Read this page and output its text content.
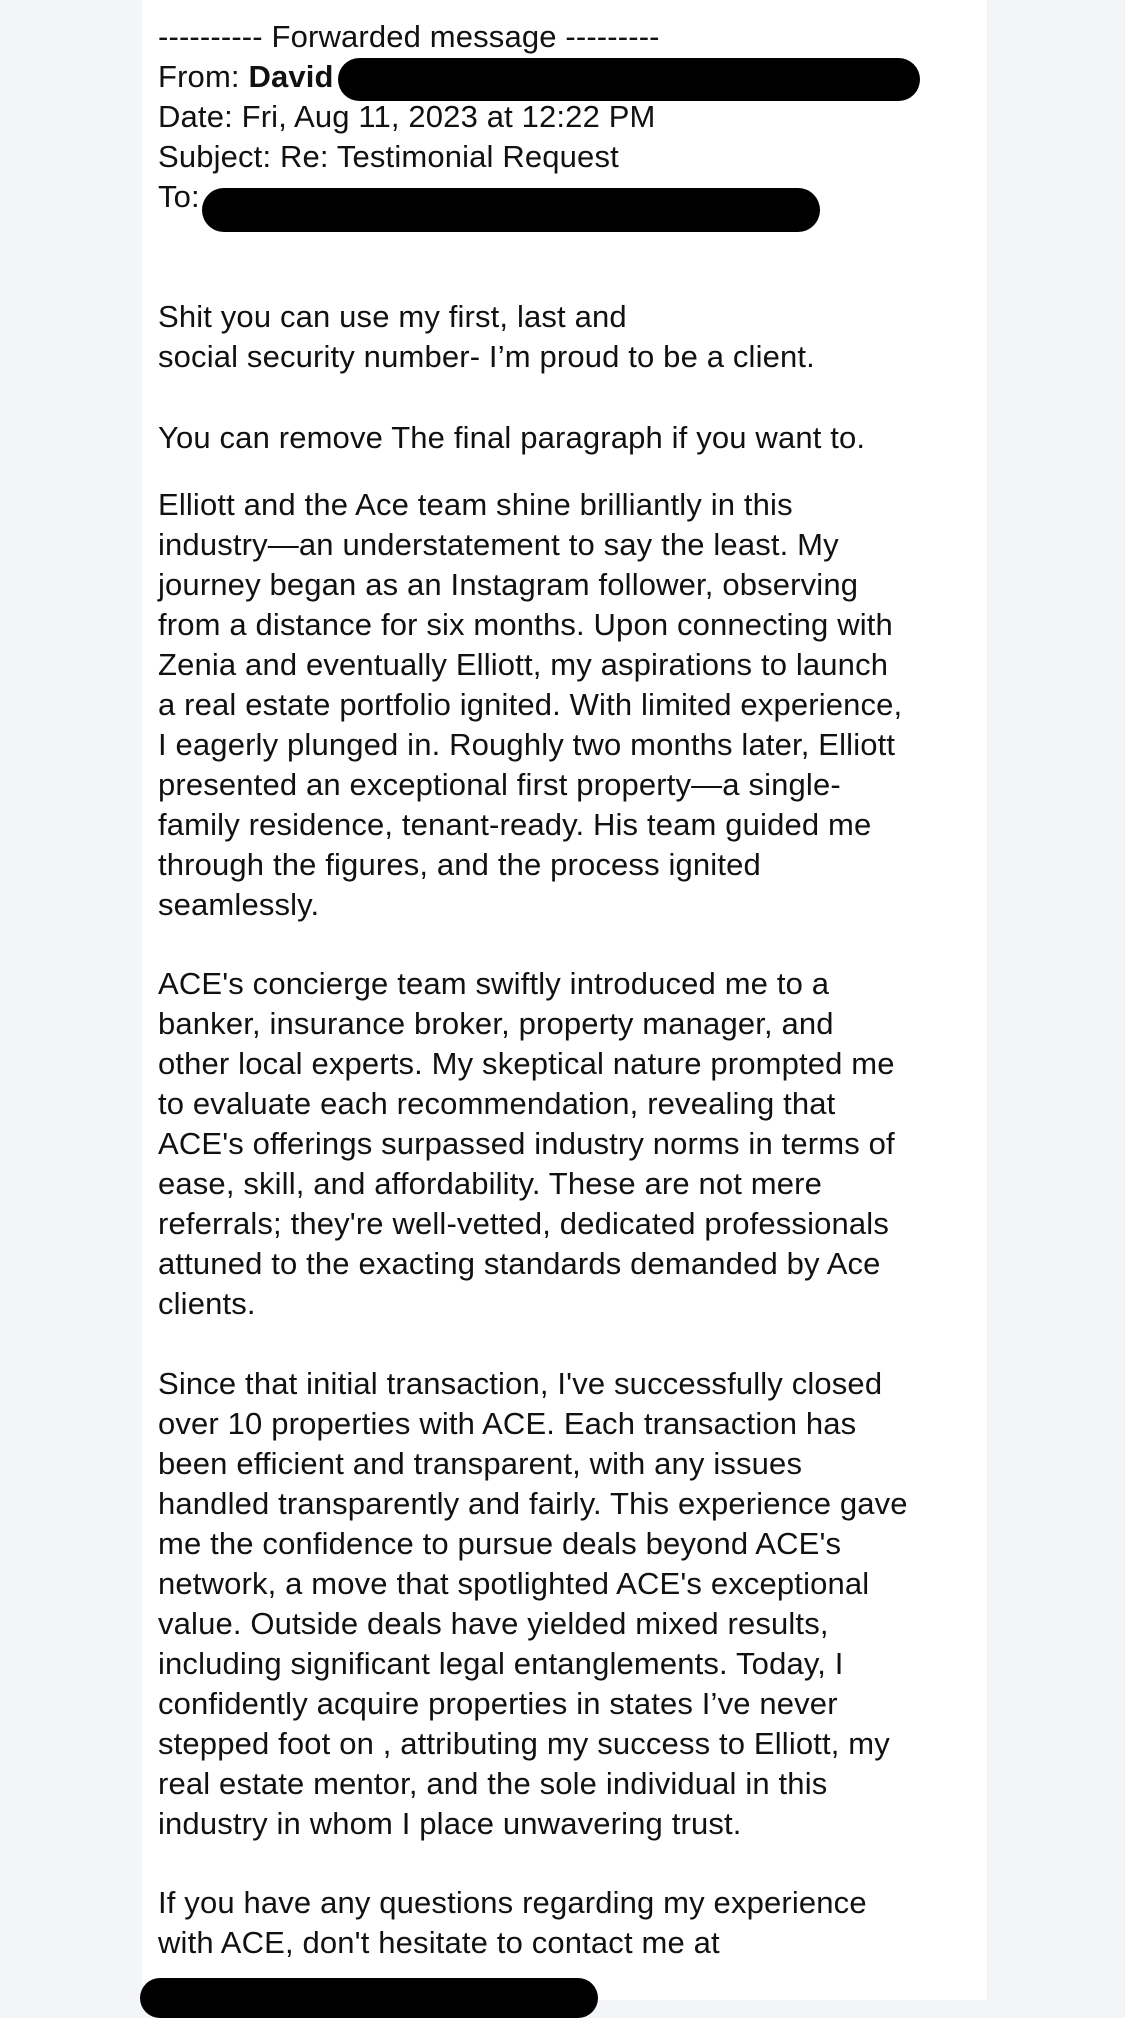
---------- Forwarded message ---------

From: David

Date: Fri, Aug 11, 2023 at 12:22 PM

Subject: Re: Testimonial Request

To:

Shit you can use my first, last and

social security number- I’m proud to be a client.

You can remove The final paragraph if you want to.

Elliott and the Ace team shine brilliantly in this

industry—an understatement to say the least. My

journey began as an Instagram follower, observing

from a distance for six months. Upon connecting with

Zenia and eventually Elliott, my aspirations to launch

a real estate portfolio ignited. With limited experience,

I eagerly plunged in. Roughly two months later, Elliott

presented an exceptional first property—a single-

family residence, tenant-ready. His team guided me

through the figures, and the process ignited

seamlessly.

ACE's concierge team swiftly introduced me to a

banker, insurance broker, property manager, and

other local experts. My skeptical nature prompted me

to evaluate each recommendation, revealing that

ACE's offerings surpassed industry norms in terms of

ease, skill, and affordability. These are not mere

referrals; they're well-vetted, dedicated professionals

attuned to the exacting standards demanded by Ace

clients.

Since that initial transaction, I've successfully closed

over 10 properties with ACE. Each transaction has

been efficient and transparent, with any issues

handled transparently and fairly. This experience gave

me the confidence to pursue deals beyond ACE's

network, a move that spotlighted ACE's exceptional

value. Outside deals have yielded mixed results,

including significant legal entanglements. Today, I

confidently acquire properties in states I’ve never

stepped foot on , attributing my success to Elliott, my

real estate mentor, and the sole individual in this

industry in whom I place unwavering trust.

If you have any questions regarding my experience

with ACE, don't hesitate to contact me at
